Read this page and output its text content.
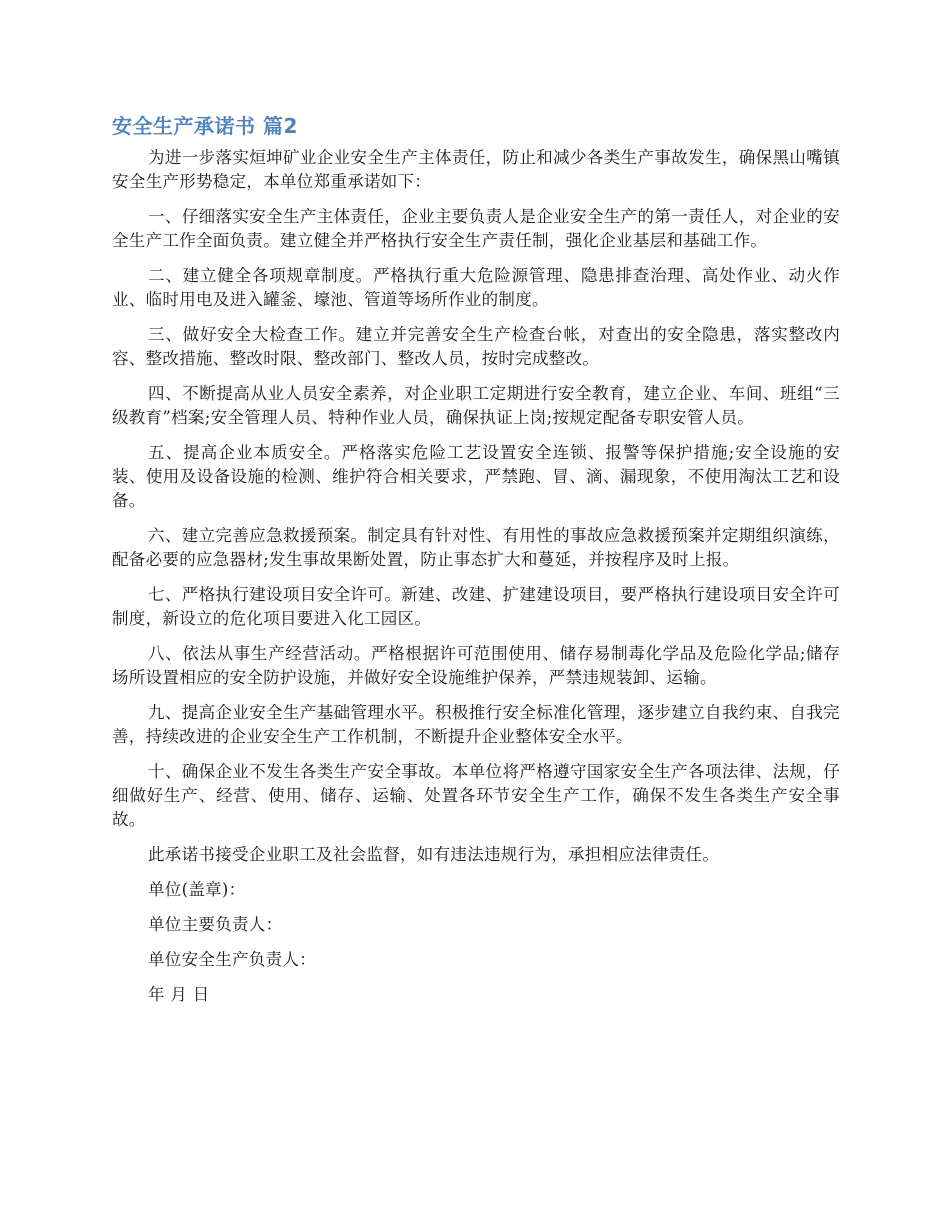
安全生产承诺书 篇2

为进一步落实烜坤矿业企业安全生产主体责任，防止和减少各类生产事故发生，确保黑山嘴镇安全生产形势稳定，本单位郑重承诺如下：

一、仔细落实安全生产主体责任，企业主要负责人是企业安全生产的第一责任人，对企业的安全生产工作全面负责。建立健全并严格执行安全生产责任制，强化企业基层和基础工作。

二、建立健全各项规章制度。严格执行重大危险源管理、隐患排查治理、高处作业、动火作业、临时用电及进入罐釜、壕池、管道等场所作业的制度。

三、做好安全大检查工作。建立并完善安全生产检查台帐，对查出的安全隐患，落实整改内容、整改措施、整改时限、整改部门、整改人员，按时完成整改。

四、不断提高从业人员安全素养，对企业职工定期进行安全教育，建立企业、车间、班组“三级教育”档案;安全管理人员、特种作业人员，确保执证上岗;按规定配备专职安管人员。

五、提高企业本质安全。严格落实危险工艺设置安全连锁、报警等保护措施;安全设施的安装、使用及设备设施的检测、维护符合相关要求，严禁跑、冒、滴、漏现象，不使用淘汰工艺和设备。

六、建立完善应急救援预案。制定具有针对性、有用性的事故应急救援预案并定期组织演练，配备必要的应急器材;发生事故果断处置，防止事态扩大和蔓延，并按程序及时上报。

七、严格执行建设项目安全许可。新建、改建、扩建建设项目，要严格执行建设项目安全许可制度，新设立的危化项目要进入化工园区。

八、依法从事生产经营活动。严格根据许可范围使用、储存易制毒化学品及危险化学品;储存场所设置相应的安全防护设施，并做好安全设施维护保养，严禁违规装卸、运输。

九、提高企业安全生产基础管理水平。积极推行安全标准化管理，逐步建立自我约束、自我完善，持续改进的企业安全生产工作机制，不断提升企业整体安全水平。

十、确保企业不发生各类生产安全事故。本单位将严格遵守国家安全生产各项法律、法规，仔细做好生产、经营、使用、储存、运输、处置各环节安全生产工作，确保不发生各类生产安全事故。

此承诺书接受企业职工及社会监督，如有违法违规行为，承担相应法律责任。

单位(盖章)：

单位主要负责人：

单位安全生产负责人：

年 月 日
